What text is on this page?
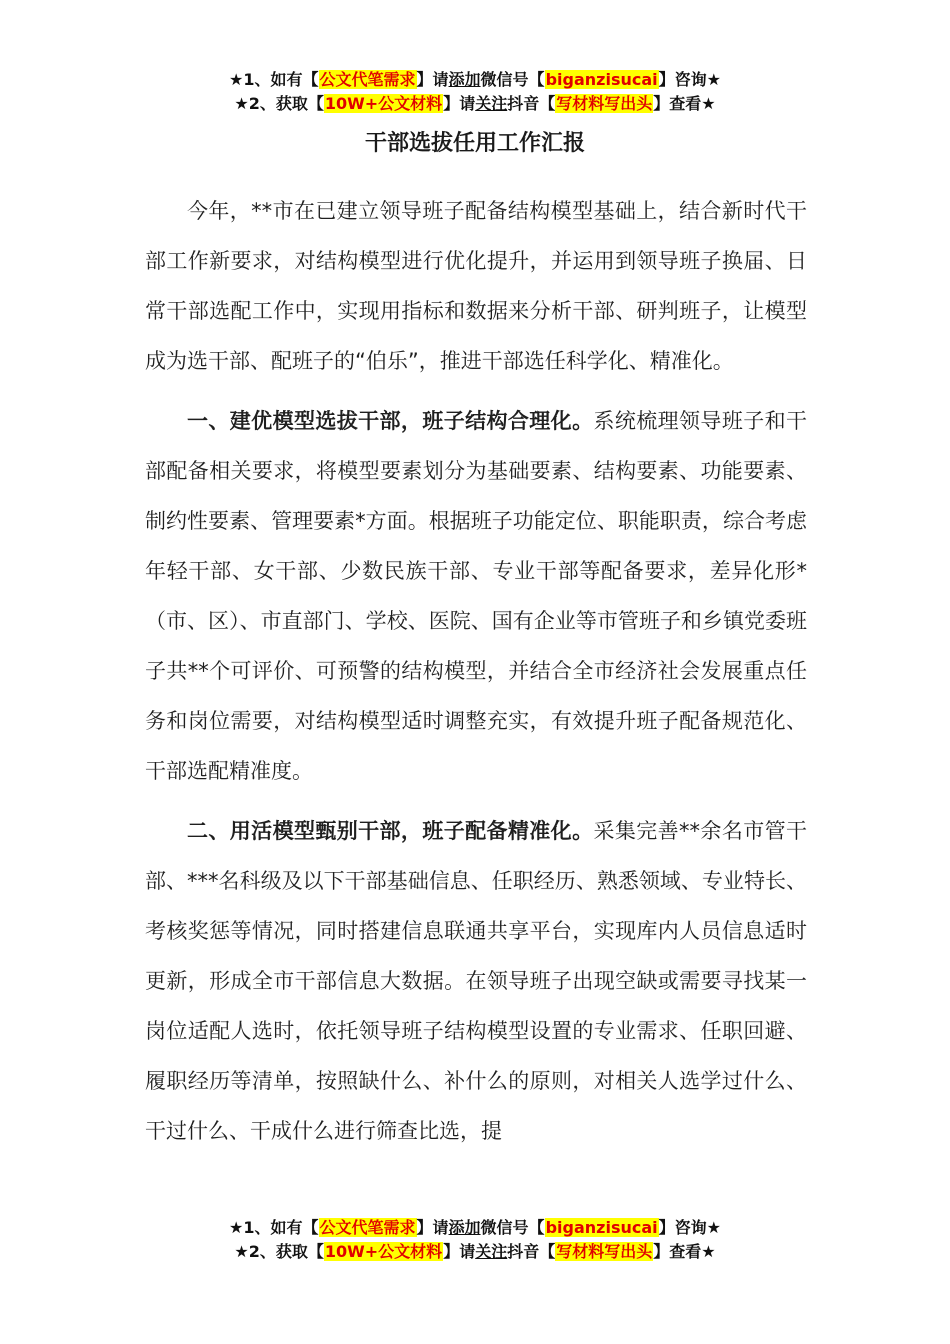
★1、如有【公文代笔需求】请添加微信号【biganzisucai】咨询★
★2、获取【10W+公文材料】请关注抖音【写材料写出头】查看★
干部选拔任用工作汇报

今年，**市在已建立领导班子配备结构模型基础上，结合新时代干部工作新要求，对结构模型进行优化提升，并运用到领导班子换届、日常干部选配工作中，实现用指标和数据来分析干部、研判班子，让模型成为选干部、配班子的“伯乐”，推进干部选任科学化、精准化。

一、建优模型选拔干部，班子结构合理化。系统梳理领导班子和干部配备相关要求，将模型要素划分为基础要素、结构要素、功能要素、制约性要素、管理要素*方面。根据班子功能定位、职能职责，综合考虑年轻干部、女干部、少数民族干部、专业干部等配备要求，差异化形*（市、区）、市直部门、学校、医院、国有企业等市管班子和乡镇党委班子共**个可评价、可预警的结构模型，并结合全市经济社会发展重点任务和岗位需要，对结构模型适时调整充实，有效提升班子配备规范化、干部选配精准度。

二、用活模型甄别干部，班子配备精准化。采集完善**余名市管干部、***名科级及以下干部基础信息、任职经历、熟悉领域、专业特长、考核奖惩等情况，同时搭建信息联通共享平台，实现库内人员信息适时更新，形成全市干部信息大数据。在领导班子出现空缺或需要寻找某一岗位适配人选时，依托领导班子结构模型设置的专业需求、任职回避、履职经历等清单，按照缺什么、补什么的原则，对相关人选学过什么、干过什么、干成什么进行筛查比选，提

★1、如有【公文代笔需求】请添加微信号【biganzisucai】咨询★
★2、获取【10W+公文材料】请关注抖音【写材料写出头】查看★
